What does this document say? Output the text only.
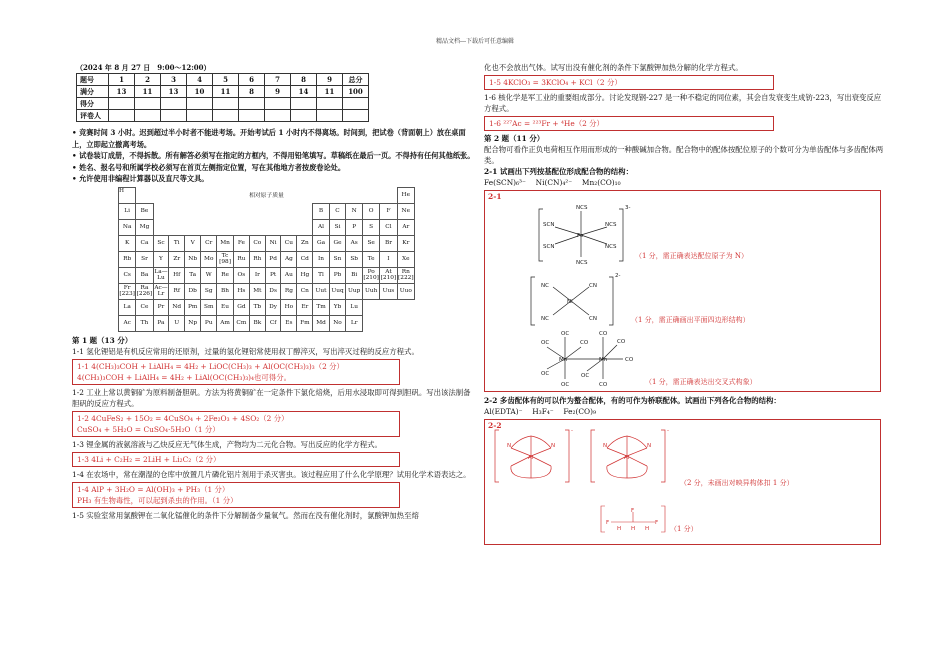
精品文档---下载后可任意编辑
（2024 年 8 月 27 日　9:00～12:00）
题号	1	2	3	4	5	6	7	8	9	总分
满分	13	11	13	10	11	8	9	14	11	100
得分										
评卷人										
• 竞赛时间 3 小时。迟到超过半小时者不能进考场。开始考试后 1 小时内不得离场。时间到，把试卷（背面朝上）放在桌面上，立即起立撤离考场。
• 试卷装订成册，不得拆散。所有解答必须写在指定的方框内，不得用铅笔填写。草稿纸在最后一页。不得持有任何其他纸张。
• 姓名、报名号和所属学校必须写在首页左侧指定位置，写在其他地方者按废卷论处。
• 允许使用非编程计算器以及直尺等文具。
H	相对原子质量																He
Li	Be											B	C	N	O	F	Ne
Na	Mg											Al	Si	P	S	Cl	Ar
K	Ca	Sc	Ti	V	Cr	Mn	Fe	Co	Ni	Cu	Zn	Ga	Ge	As	Se	Br	Kr
Rb	Sr	Y	Zr	Nb	Mo	Tc [98]	Ru	Rh	Pd	Ag	Cd	In	Sn	Sb	Te	I	Xe
Cs	Ba	La—Lu	Hf	Ta	W	Re	Os	Ir	Pt	Au	Hg	Tl	Pb	Bi	Po [210]	At [210]	Rn [222]
Fr [223]	Ra [226]	Ac—Lr	Rf	Db	Sg	Bh	Hs	Mt	Ds	Rg	Cn	Uut	Uuq	Uup	Uuh	Uus	Uuo
La	Ce	Pr	Nd	Pm	Sm	Eu	Gd	Tb	Dy	Ho	Er	Tm	Yb	Lu			
Ac	Th	Pa	U	Np	Pu	Am	Cm	Bk	Cf	Es	Fm	Md	No	Lr			
第 1 题（13 分）
1-1 氢化锂铝是有机反应常用的还原剂，过量的氢化锂铝常使用叔丁醇淬灭，写出淬灭过程的反应方程式。
1-1 4(CH₃)₃COH + LiAlH₄ = 4H₂ + LiOC(CH₃)₃ + Al(OC(CH₃)₃)₃（2 分）
4(CH₃)₃COH + LiAlH₄ = 4H₂ + LiAl(OC(CH₃)₃)₄也可得分。
1-2 工业上常以黄铜矿为原料制备胆矾。方法为将黄铜矿在一定条件下氯化焙烧，后用水浸取即可得到胆矾。写出该法制备胆矾的反应方程式。
1-2 4CuFeS₂ + 15O₂ = 4CuSO₄ + 2Fe₂O₃ + 4SO₂（2 分）
CuSO₄ + 5H₂O = CuSO₄·5H₂O（1 分）
1-3 锂金属的液氨溶液与乙炔反应无气体生成，产物均为二元化合物。写出反应的化学方程式。
1-3 4Li + C₂H₂ = 2LiH + Li₂C₂（2 分）
1-4 在农场中，常在潮湿的仓库中放置几片磷化铝片剂用于杀灭害虫。该过程应用了什么化学原理？试用化学术语表达之。
1-4 AlP + 3H₂O = Al(OH)₃ + PH₃（1 分）
PH₃ 有生物毒性，可以起到杀虫的作用。（1 分）
1-5 实验室常用氯酸钾在二氧化锰催化的条件下分解制备少量氧气。然而在没有催化剂时，氯酸钾加热至熔
化也不会放出气体。试写出没有催化剂的条件下氯酸钾加热分解的化学方程式。
1-5 4KClO₃ = 3KClO₄ + KCl（2 分）
1-6 核化学是军工业的重要组成部分。讨论发现钢-227 是一种不稳定的同位素，其会自发衰变生成钫-223，写出衰变反应方程式。
1-6 ²²⁷Ac = ²²³Fr + ⁴He（2 分）
第 2 题（11 分）
配合物可看作正负电荷相互作用而形成的一种酸碱加合物。配合物中的配体按配位原子的个数可分为单齿配体与多齿配体两类。
2-1 试画出下列按基配位形成配合物的结构：
Fe(SCN)₆³⁻　 Ni(CN)₄²⁻　 Mn₂(CO)₁₀
2-1
NCS
NCS
SCN	NCS
SCN	NCS
Fe
3-
NC	CN
NC	CN
Ni
2-
OC
OC
OC
OC
CO
Mn
CO
CO
CO
OC
CO
Mn
（1 分，需正确表达配位原子为 N）
（1 分，需正确画出平面四边形结构）
（1 分，需正确表达出交叉式构象）
2-2 多齿配体有的可以作为螯合配体，有的可作为桥联配体。试画出下列各化合物的结构：
Al(EDTA)⁻　 H₃F₄⁻　 Fe₂(CO)₉
2-2
Al
N	N
-
Al
N	N
-
F
F
F
H H H
（2 分，未画出对映异构体扣 1 分）
（1 分）
